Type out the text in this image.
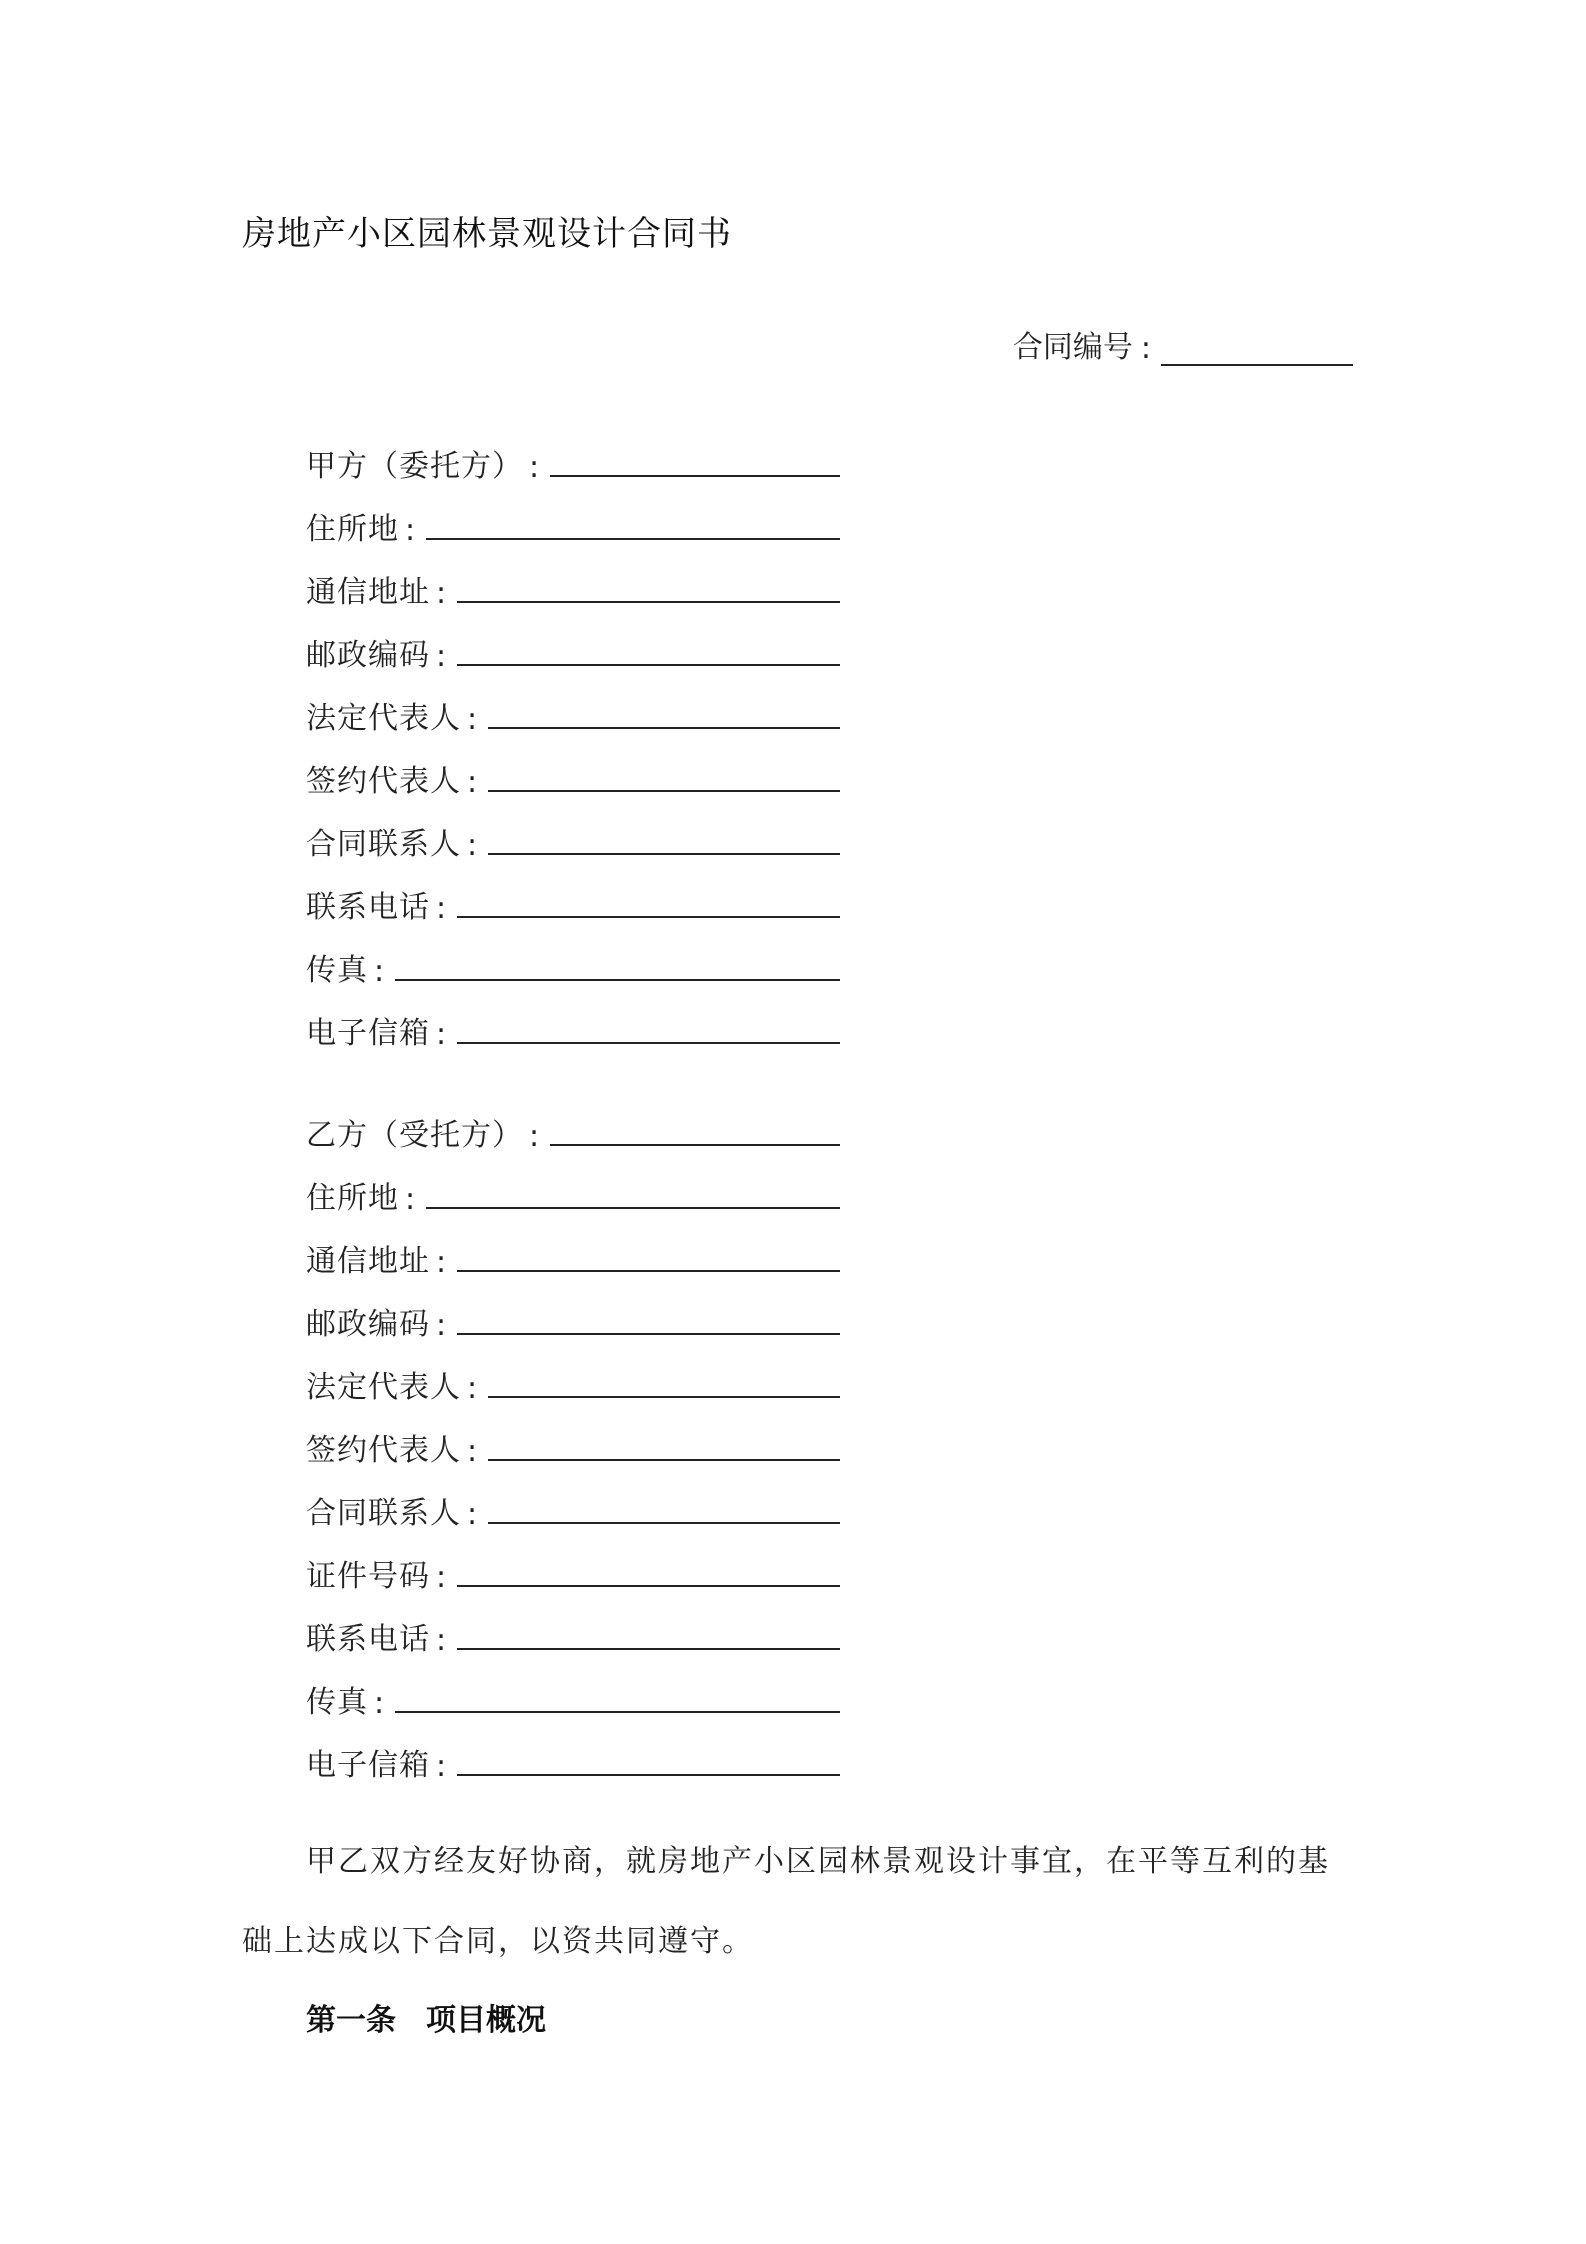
房地产小区园林景观设计合同书
合同编号 :
甲方（委托方） :
住所地 :
通信地址 :
邮政编码 :
法定代表人 :
签约代表人 :
合同联系人 :
联系电话 :
传真 :
电子信箱 :
乙方（受托方） :
住所地 :
通信地址 :
邮政编码 :
法定代表人 :
签约代表人 :
合同联系人 :
证件号码 :
联系电话 :
传真 :
电子信箱 :

甲乙双方经友好协商，就房地产小区园林景观设计事宜，在平等互利的基础上达成以下合同，以资共同遵守。

第一条 项目概况
